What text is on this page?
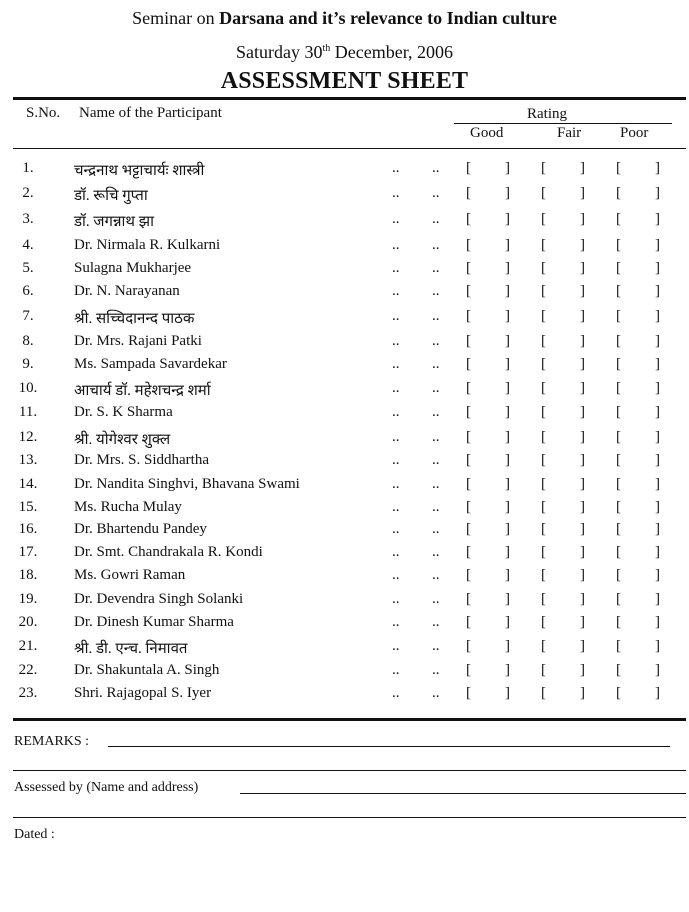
Seminar on Darsana and it’s relevance to Indian culture
Saturday 30th December, 2006
ASSESSMENT SHEET
S.No. Name of the Participant	Rating
Good	Fair	Poor
1.	चन्द्रनाथ भट्टाचार्यः शास्त्री	.. .. [ ] [ ] [ ]
2.	डॉ. रूचि गुप्ता	.. .. [ ] [ ] [ ]
3.	डॉ. जगन्नाथ झा	.. .. [ ] [ ] [ ]
4.	Dr. Nirmala R. Kulkarni	.. .. [ ] [ ] [ ]
5.	Sulagna Mukharjee	.. .. [ ] [ ] [ ]
6.	Dr. N. Narayanan	.. .. [ ] [ ] [ ]
7.	श्री. सच्चिदानन्द पाठक	.. .. [ ] [ ] [ ]
8.	Dr. Mrs. Rajani Patki	.. .. [ ] [ ] [ ]
9.	Ms. Sampada Savardekar	.. .. [ ] [ ] [ ]
10.	आचार्य डॉ. महेशचन्द्र शर्मा	.. .. [ ] [ ] [ ]
11.	Dr. S. K Sharma	.. .. [ ] [ ] [ ]
12.	श्री. योगेश्वर शुक्ल	.. .. [ ] [ ] [ ]
13.	Dr. Mrs. S. Siddhartha	.. .. [ ] [ ] [ ]
14.	Dr. Nandita Singhvi, Bhavana Swami	.. .. [ ] [ ] [ ]
15.	Ms. Rucha Mulay	.. .. [ ] [ ] [ ]
16.	Dr. Bhartendu Pandey	.. .. [ ] [ ] [ ]
17.	Dr. Smt. Chandrakala R. Kondi	.. .. [ ] [ ] [ ]
18.	Ms. Gowri Raman	.. .. [ ] [ ] [ ]
19.	Dr. Devendra Singh Solanki	.. .. [ ] [ ] [ ]
20.	Dr. Dinesh Kumar Sharma	.. .. [ ] [ ] [ ]
21.	श्री. डी. एन्च. निमावत	.. .. [ ] [ ] [ ]
22.	Dr. Shakuntala A. Singh	.. .. [ ] [ ] [ ]
23.	Shri. Rajagopal S. Iyer	.. .. [ ] [ ] [ ]
REMARKS :
Assessed by (Name and address)
Dated :
